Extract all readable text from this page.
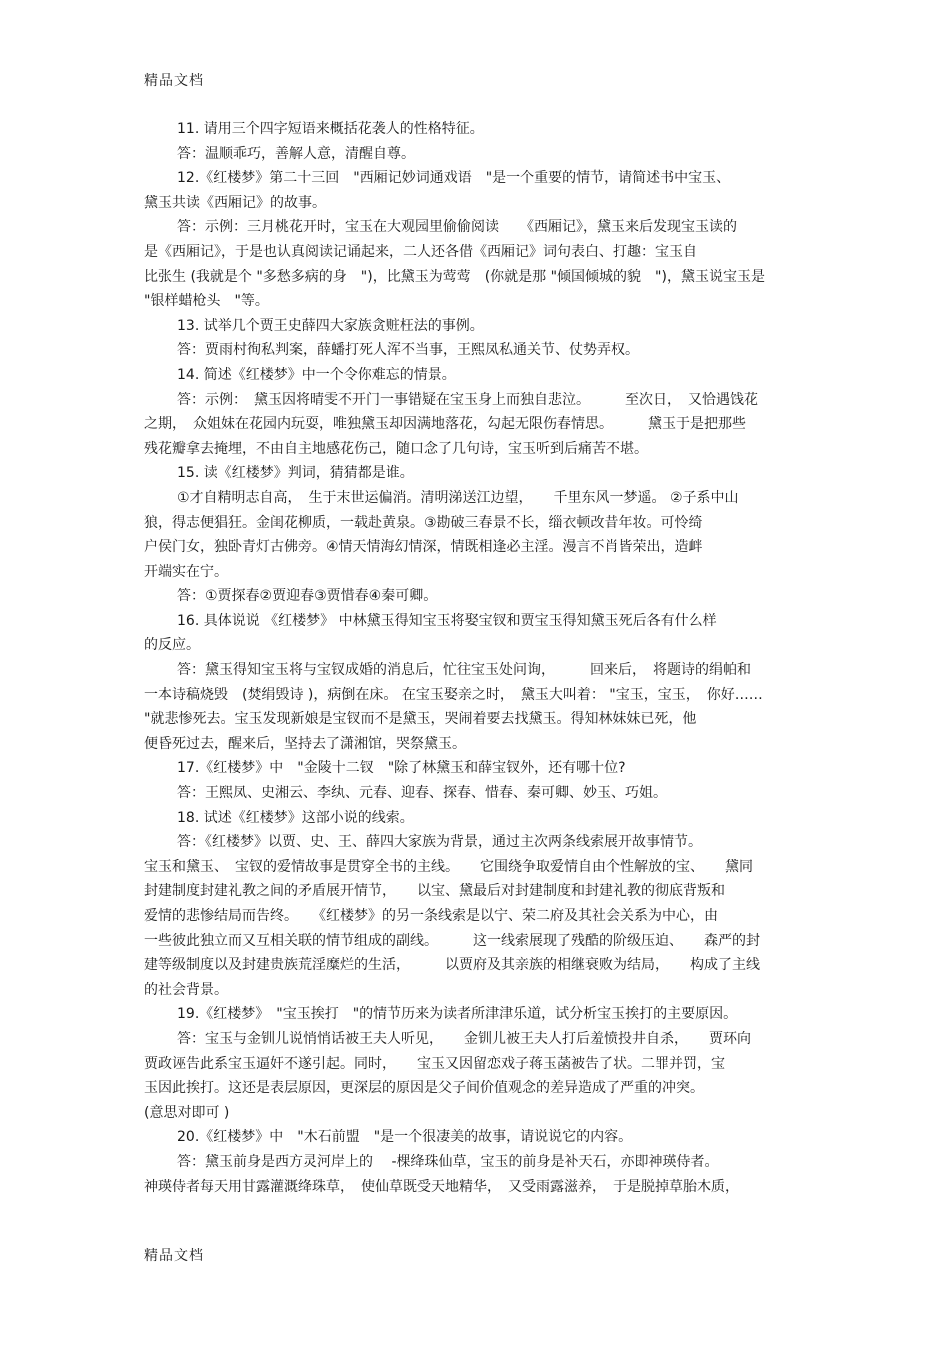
精品文档
11. 请用三个四字短语来概括花袭人的性格特征。
答：温顺乖巧，善解人意，清醒自尊。
12.《红楼梦》第二十三回　"西厢记妙词通戏语　"是一个重要的情节，请简述书中宝玉、
黛玉共读《西厢记》的故事。
答：示例：三月桃花开时，宝玉在大观园里偷偷阅读　　《西厢记》，黛玉来后发现宝玉读的
是《西厢记》，于是也认真阅读记诵起来，二人还各借《西厢记》词句表白、打趣：宝玉自
比张生 (我就是个 "多愁多病的身　")，比黛玉为莺莺　(你就是那 "倾国倾城的貌　")，黛玉说宝玉是
"银样蜡枪头　"等。
13. 试举几个贾王史薛四大家族贪赃枉法的事例。
答：贾雨村徇私判案，薛蟠打死人浑不当事，王熙凤私通关节、仗势弄权。
14. 简述《红楼梦》中一个令你难忘的情景。
答：示例：　黛玉因将晴雯不开门一事错疑在宝玉身上而独自悲泣。　　　至次日，　又恰遇饯花
之期，　众姐妹在花园内玩耍，唯独黛玉却因满地落花，勾起无限伤春情思。　　　黛玉于是把那些
残花瓣拿去掩埋，不由自主地感花伤己，随口念了几句诗，宝玉听到后痛苦不堪。
15. 读《红楼梦》判词，猜猜都是谁。
①才自精明志自高，　生于末世运偏消。清明涕送江边望，　　千里东风一梦遥。 ②子系中山
狼，得志便猖狂。金闺花柳质，一载赴黄泉。③勘破三春景不长，缁衣顿改昔年妆。可怜绮
户侯门女，独卧青灯古佛旁。④情天情海幻情深，情既相逢必主淫。漫言不肖皆荣出，造衅
开端实在宁。
答：①贾探春②贾迎春③贾惜春④秦可卿。
16. 具体说说 《红楼梦》 中林黛玉得知宝玉将娶宝钗和贾宝玉得知黛玉死后各有什么样
的反应。
答：黛玉得知宝玉将与宝钗成婚的消息后，忙往宝玉处问询，　　　回来后，　将题诗的绢帕和
一本诗稿烧毁　(焚绢毁诗 )，病倒在床。 在宝玉娶亲之时，　黛玉大叫着： "宝玉，宝玉，　你好……
"就悲惨死去。宝玉发现新娘是宝钗而不是黛玉，哭闹着要去找黛玉。得知林妹妹已死，他
便昏死过去，醒来后，坚持去了潇湘馆，哭祭黛玉。
17.《红楼梦》中　"金陵十二钗　"除了林黛玉和薛宝钗外，还有哪十位?
答：王熙凤、史湘云、李纨、元春、迎春、探春、惜春、秦可卿、妙玉、巧姐。
18. 试述《红楼梦》这部小说的线索。
答：《红楼梦》以贾、史、王、薛四大家族为背景，通过主次两条线索展开故事情节。
宝玉和黛玉、　宝钗的爱情故事是贯穿全书的主线。　　它围绕争取爱情自由个性解放的宝、　　黛同
封建制度封建礼教之间的矛盾展开情节，　　以宝、黛最后对封建制度和封建礼教的彻底背叛和
爱情的悲惨结局而告终。　　《红楼梦》的另一条线索是以宁、荣二府及其社会关系为中心，由
一些彼此独立而又互相关联的情节组成的副线。　　　这一线索展现了残酷的阶级压迫、　　森严的封
建等级制度以及封建贵族荒淫糜烂的生活，　　　以贾府及其亲族的相继衰败为结局，　　构成了主线
的社会背景。
19.《红楼梦》　"宝玉挨打　"的情节历来为读者所津津乐道，试分析宝玉挨打的主要原因。
答：宝玉与金钏儿说悄悄话被王夫人听见，　　金钏儿被王夫人打后羞愤投井自杀，　　贾环向
贾政诬告此系宝玉逼奸不遂引起。同时，　　宝玉又因留恋戏子蒋玉菡被告了状。二罪并罚，宝
玉因此挨打。这还是表层原因，更深层的原因是父子间价值观念的差异造成了严重的冲突。
(意思对即可 )
20.《红楼梦》中　"木石前盟　"是一个很凄美的故事，请说说它的内容。
答：黛玉前身是西方灵河岸上的　 -棵绛珠仙草，宝玉的前身是补天石，亦即神瑛侍者。
神瑛侍者每天用甘露灌溉绛珠草，　使仙草既受天地精华，　又受雨露滋养，　于是脱掉草胎木质，
精品文档
